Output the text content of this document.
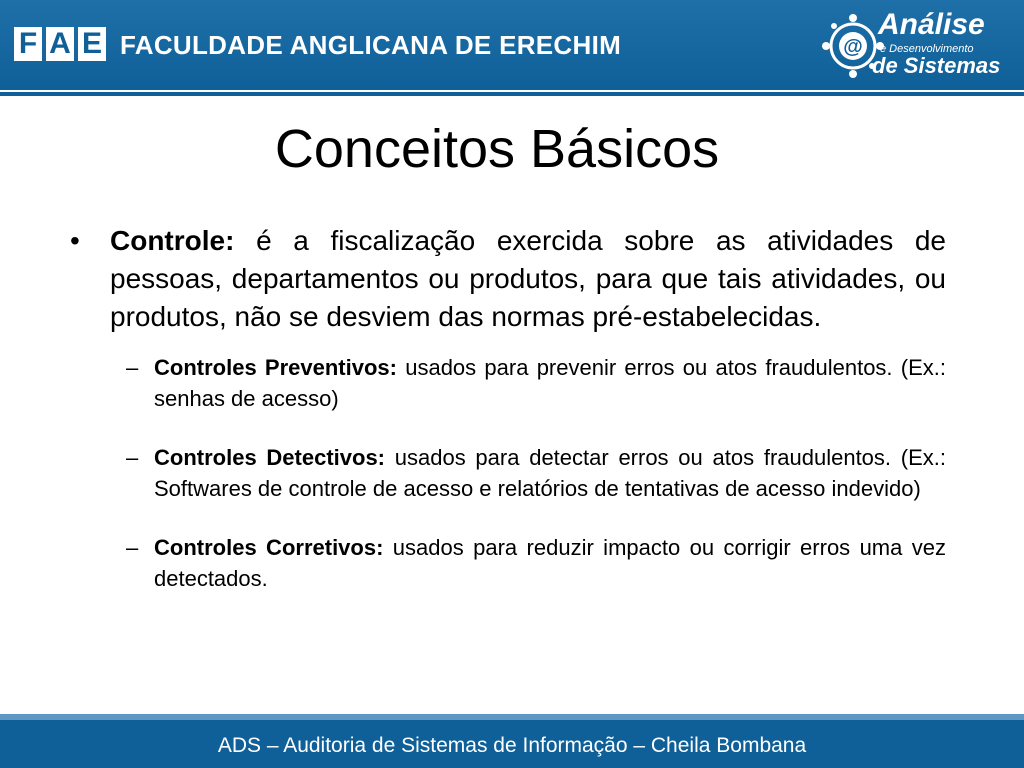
F A E FACULDADE ANGLICANA DE ERECHIM	@
Análise
e Desenvolvimento
de Sistemas
Conceitos Básicos
•	Controle: é a fiscalização exercida sobre as atividades de pessoas, departamentos ou produtos, para que tais atividades, ou produtos, não se desviem das normas pré-estabelecidas.
– Controles Preventivos: usados para prevenir erros ou atos fraudulentos. (Ex.: senhas de acesso)
– Controles Detectivos: usados para detectar erros ou atos fraudulentos. (Ex.: Softwares de controle de acesso e relatórios de tentativas de acesso indevido)
– Controles Corretivos: usados para reduzir impacto ou corrigir erros uma vez detectados.
ADS – Auditoria de Sistemas de Informação – Cheila Bombana
